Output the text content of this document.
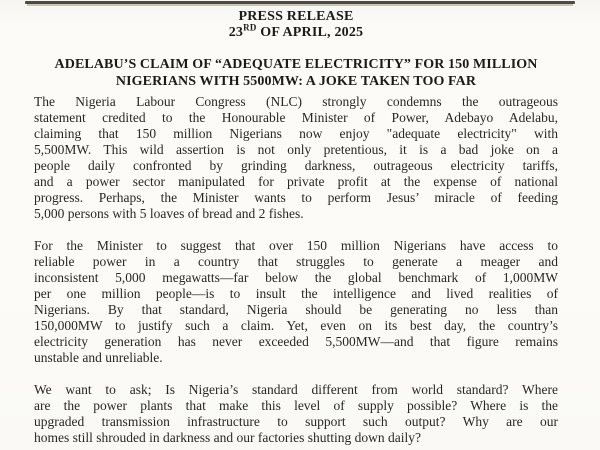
PRESS RELEASE
23RD OF APRIL, 2025
ADELABU’S CLAIM OF “ADEQUATE ELECTRICITY” FOR 150 MILLION
NIGERIANS WITH 5500MW: A JOKE TAKEN TOO FAR
The Nigeria Labour Congress (NLC) strongly condemns the outrageous
statement credited to the Honourable Minister of Power, Adebayo Adelabu,
claiming that 150 million Nigerians now enjoy "adequate electricity" with
5,500MW. This wild assertion is not only pretentious, it is a bad joke on a
people daily confronted by grinding darkness, outrageous electricity tariffs,
and a power sector manipulated for private profit at the expense of national
progress. Perhaps, the Minister wants to perform Jesus’ miracle of feeding
5,000 persons with 5 loaves of bread and 2 fishes.
For the Minister to suggest that over 150 million Nigerians have access to
reliable power in a country that struggles to generate a meager and
inconsistent 5,000 megawatts—far below the global benchmark of 1,000MW
per one million people—is to insult the intelligence and lived realities of
Nigerians. By that standard, Nigeria should be generating no less than
150,000MW to justify such a claim. Yet, even on its best day, the country’s
electricity generation has never exceeded 5,500MW—and that figure remains
unstable and unreliable.
We want to ask; Is Nigeria’s standard different from world standard? Where
are the power plants that make this level of supply possible? Where is the
upgraded transmission infrastructure to support such output? Why are our
homes still shrouded in darkness and our factories shutting down daily?
